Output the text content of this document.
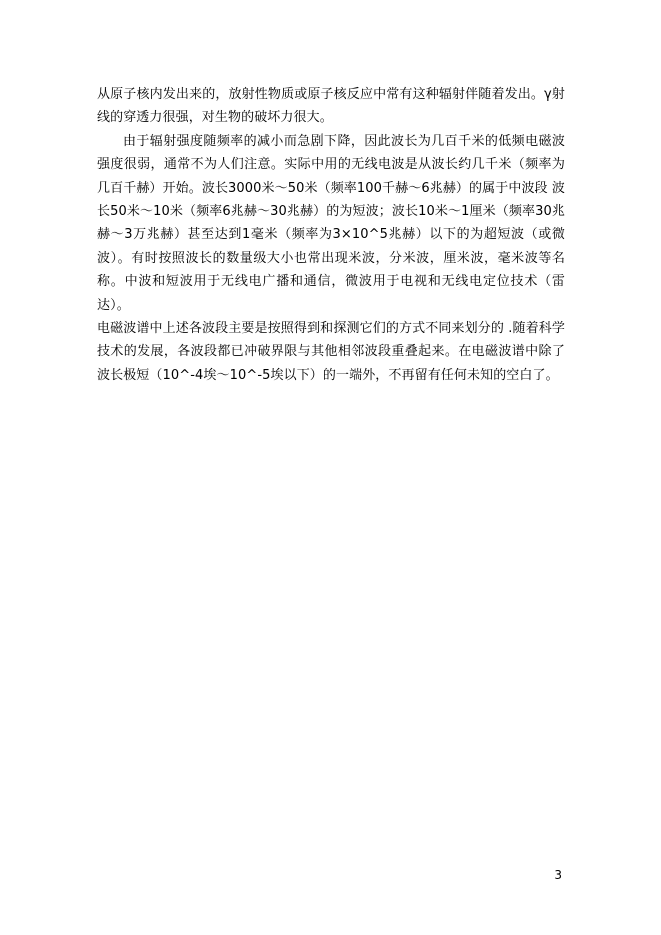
从原子核内发出来的，放射性物质或原子核反应中常有这种辐射伴随着发出。γ射线的穿透力很强，对生物的破坏力很大。

由于辐射强度随频率的减小而急剧下降，因此波长为几百千米的低频电磁波强度很弱，通常不为人们注意。实际中用的无线电波是从波长约几千米（频率为几百千赫）开始。波长3000米～50米（频率100千赫～6兆赫）的属于中波段 波长50米～10米（频率6兆赫～30兆赫）的为短波；波长10米～1厘米（频率30兆赫～3万兆赫）甚至达到1毫米（频率为3×10^5兆赫）以下的为超短波（或微波）。有时按照波长的数量级大小也常出现米波，分米波，厘米波，毫米波等名称。中波和短波用于无线电广播和通信，微波用于电视和无线电定位技术（雷达）。

电磁波谱中上述各波段主要是按照得到和探测它们的方式不同来划分的 .随着科学技术的发展，各波段都已冲破界限与其他相邻波段重叠起来。在电磁波谱中除了波长极短（10^-4埃～10^-5埃以下）的一端外，不再留有任何未知的空白了。

3
